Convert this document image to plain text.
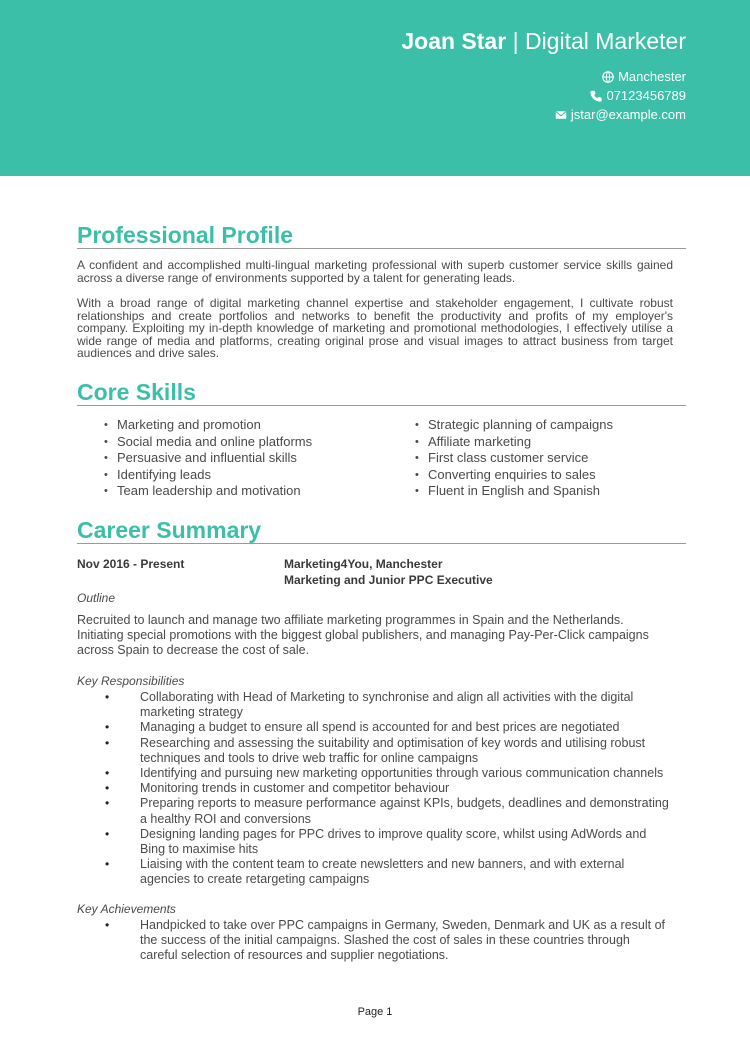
Joan Star | Digital Marketer
Manchester
07123456789
jstar@example.com
Professional Profile
A confident and accomplished multi-lingual marketing professional with superb customer service skills gained across a diverse range of environments supported by a talent for generating leads.
With a broad range of digital marketing channel expertise and stakeholder engagement, I cultivate robust relationships and create portfolios and networks to benefit the productivity and profits of my employer's company. Exploiting my in-depth knowledge of marketing and promotional methodologies, I effectively utilise a wide range of media and platforms, creating original prose and visual images to attract business from target audiences and drive sales.
Core Skills
• Marketing and promotion
• Social media and online platforms
• Persuasive and influential skills
• Identifying leads
• Team leadership and motivation
• Strategic planning of campaigns
• Affiliate marketing
• First class customer service
• Converting enquiries to sales
• Fluent in English and Spanish
Career Summary
Nov 2016 - Present	Marketing4You, Manchester
Marketing and Junior PPC Executive
Outline
Recruited to launch and manage two affiliate marketing programmes in Spain and the Netherlands.
Initiating special promotions with the biggest global publishers, and managing Pay-Per-Click campaigns
across Spain to decrease the cost of sale.
Key Responsibilities
• Collaborating with Head of Marketing to synchronise and align all activities with the digital
marketing strategy
• Managing a budget to ensure all spend is accounted for and best prices are negotiated
• Researching and assessing the suitability and optimisation of key words and utilising robust
techniques and tools to drive web traffic for online campaigns
• Identifying and pursuing new marketing opportunities through various communication channels
• Monitoring trends in customer and competitor behaviour
• Preparing reports to measure performance against KPIs, budgets, deadlines and demonstrating
a healthy ROI and conversions
• Designing landing pages for PPC drives to improve quality score, whilst using AdWords and
Bing to maximise hits
• Liaising with the content team to create newsletters and new banners, and with external
agencies to create retargeting campaigns
Key Achievements
• Handpicked to take over PPC campaigns in Germany, Sweden, Denmark and UK as a result of
the success of the initial campaigns. Slashed the cost of sales in these countries through
careful selection of resources and supplier negotiations.
Page 1
